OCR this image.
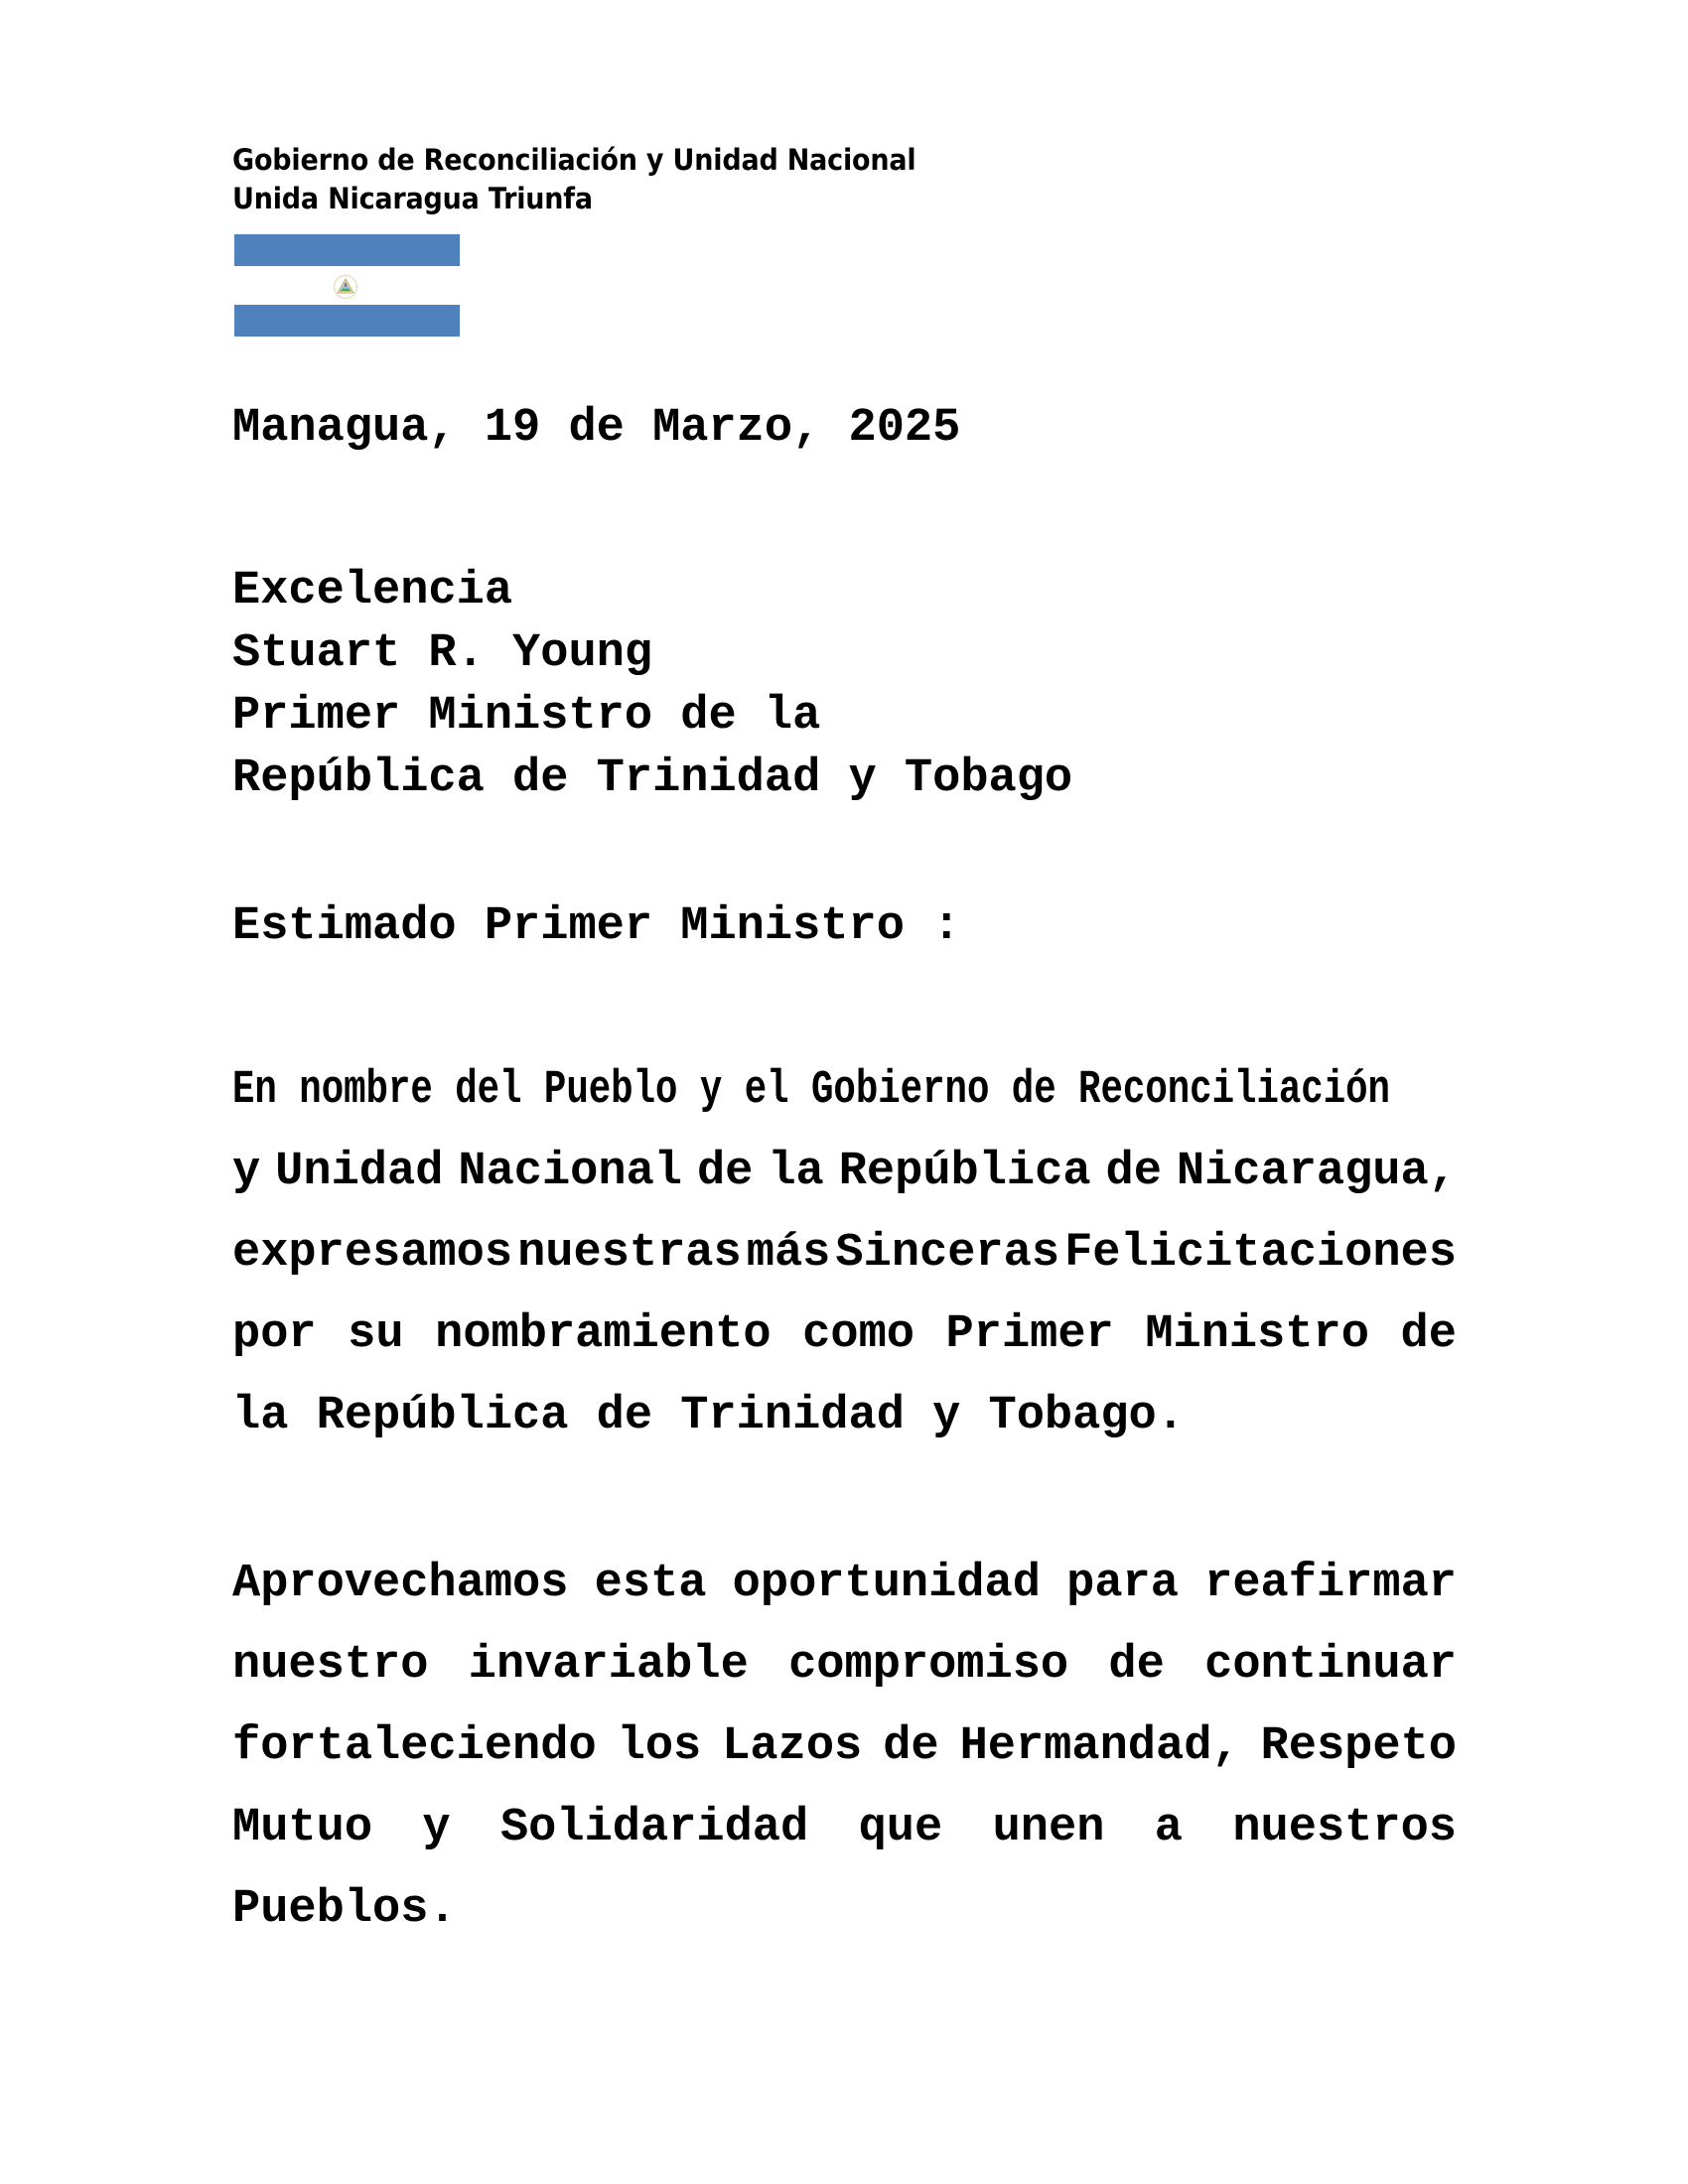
Gobierno de Reconciliación y Unidad Nacional
Unida Nicaragua Triunfa
Managua, 19 de Marzo, 2025
Excelencia
Stuart R. Young
Primer Ministro de la
República de Trinidad y Tobago
Estimado Primer Ministro :
En nombre del Pueblo y el Gobierno de Reconciliación
y Unidad Nacional de la República de Nicaragua,
expresamos nuestras más Sinceras Felicitaciones
por su nombramiento como Primer Ministro de
la República de Trinidad y Tobago.
Aprovechamos esta oportunidad para reafirmar
nuestro invariable compromiso de continuar
fortaleciendo los Lazos de Hermandad, Respeto
Mutuo y Solidaridad que unen a nuestros
Pueblos.
